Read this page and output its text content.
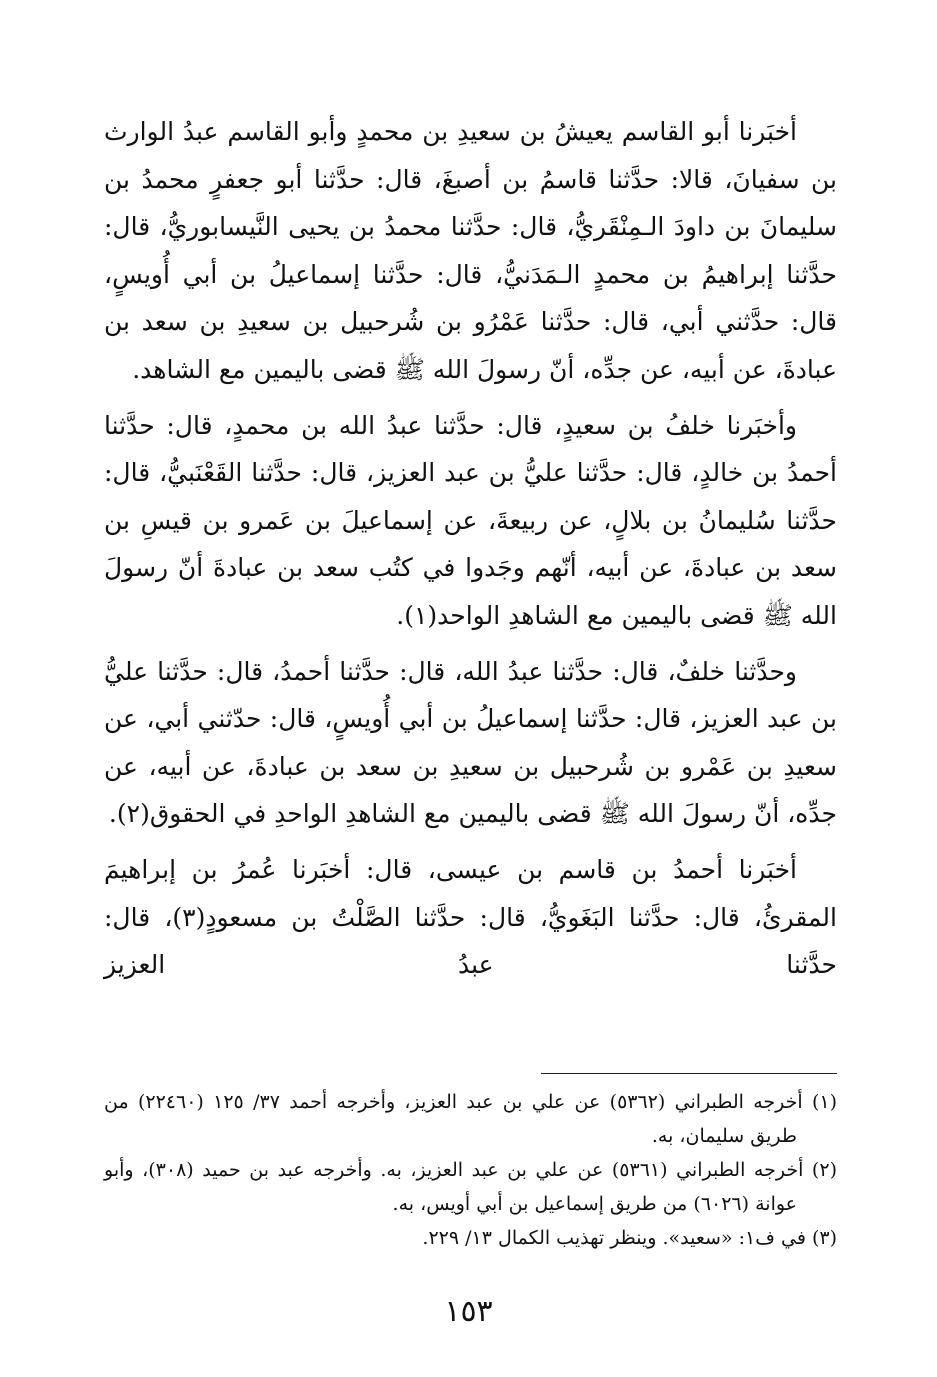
أخبَرنا أبو القاسم يعيشُ بن سعيدِ بن محمدٍ وأبو القاسم عبدُ الوارث بن سفيانَ، قالا: حدَّثنا قاسمُ بن أصبغَ، قال: حدَّثنا أبو جعفرٍ محمدُ بن سليمانَ بن داودَ الـمِنْقَريُّ، قال: حدَّثنا محمدُ بن يحيى النَّيسابوريُّ، قال: حدَّثنا إبراهيمُ بن محمدٍ الـمَدَنيُّ، قال: حدَّثنا إسماعيلُ بن أبي أُويسٍ، قال: حدَّثني أبي، قال: حدَّثنا عَمْرُو بن شُرحبيل بن سعيدِ بن سعد بن عبادةَ، عن أبيه، عن جدِّه، أنّ رسولَ الله ﷺ قضى باليمين مع الشاهد.

وأخبَرنا خلفُ بن سعيدٍ، قال: حدَّثنا عبدُ الله بن محمدٍ، قال: حدَّثنا أحمدُ بن خالدٍ، قال: حدَّثنا عليُّ بن عبد العزيز، قال: حدَّثنا القَعْنَبيُّ، قال: حدَّثنا سُليمانُ بن بلالٍ، عن ربيعةَ، عن إسماعيلَ بن عَمرو بن قيسِ بن سعد بن عبادةَ، عن أبيه، أنّهم وجَدوا في كتُب سعد بن عبادةَ أنّ رسولَ الله ﷺ قضى باليمين مع الشاهدِ الواحد(١).

وحدَّثنا خلفٌ، قال: حدَّثنا عبدُ الله، قال: حدَّثنا أحمدُ، قال: حدَّثنا عليُّ بن عبد العزيز، قال: حدَّثنا إسماعيلُ بن أبي أُويسٍ، قال: حدّثني أبي، عن سعيدِ بن عَمْرو بن شُرحبيل بن سعيدِ بن سعد بن عبادةَ، عن أبيه، عن جدِّه، أنّ رسولَ الله ﷺ قضى باليمين مع الشاهدِ الواحدِ في الحقوق(٢).

أخبَرنا أحمدُ بن قاسم بن عيسى، قال: أخبَرنا عُمرُ بن إبراهيمَ المقرئُ، قال: حدَّثنا البَغَويُّ، قال: حدَّثنا الصَّلْتُ بن مسعودٍ(٣)، قال: حدَّثنا عبدُ العزيز

(١) أخرجه الطبراني (٥٣٦٢) عن علي بن عبد العزيز، وأخرجه أحمد ٣٧/ ١٢٥ (٢٢٤٦٠) من طريق سليمان، به.

(٢) أخرجه الطبراني (٥٣٦١) عن علي بن عبد العزيز، به. وأخرجه عبد بن حميد (٣٠٨)، وأبو عوانة (٦٠٢٦) من طريق إسماعيل بن أبي أويس، به.

(٣) في ف١: «سعيد». وينظر تهذيب الكمال ١٣/ ٢٢٩.

١٥٣
